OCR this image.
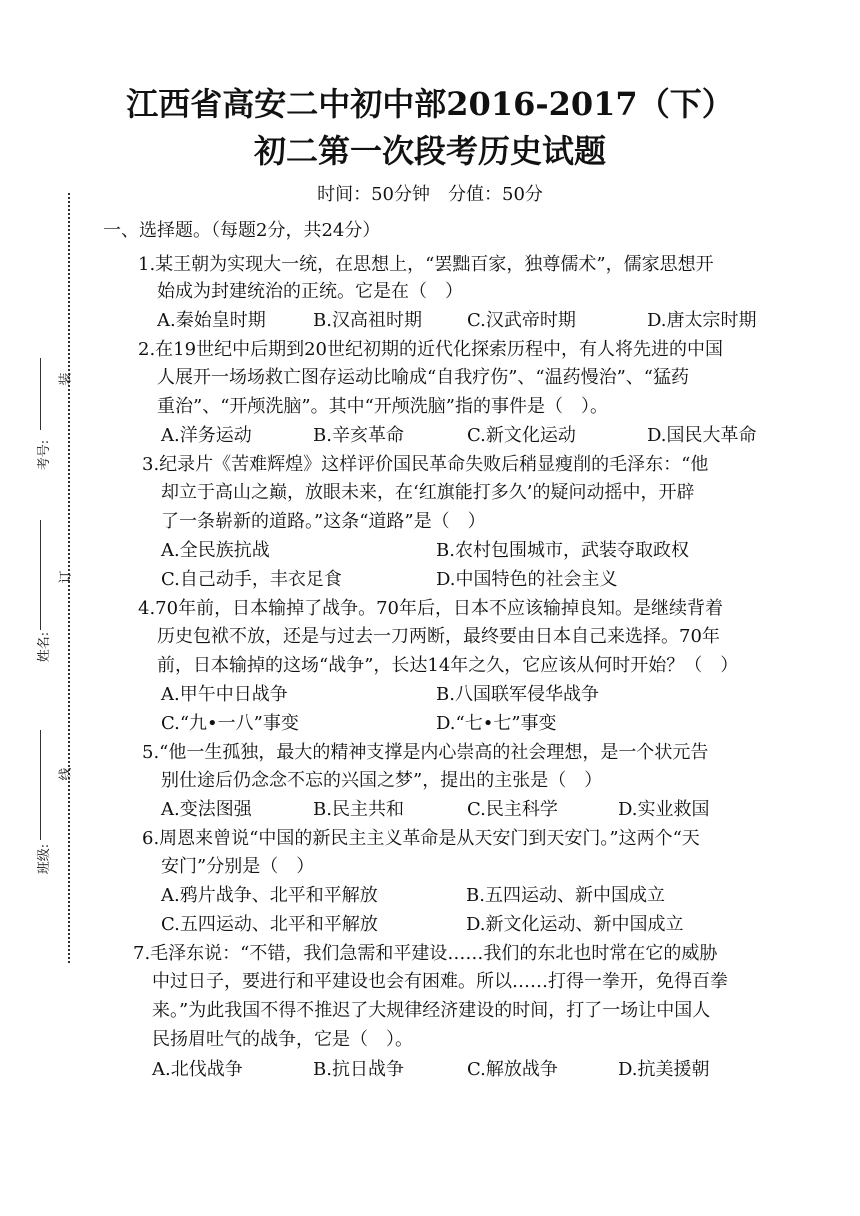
江西省高安二中初中部2016-2017（下）
初二第一次段考历史试题
时间：50分钟 分值：50分
一、选择题。（每题2分，共24分）
装
订
线
考号:
姓名:
班级:
1.某王朝为实现大一统，在思想上，“罢黜百家，独尊儒术”，儒家思想开
始成为封建统治的正统。它是在（　）
A.秦始皇时期	B.汉高祖时期	C.汉武帝时期	D.唐太宗时期
2.在19世纪中后期到20世纪初期的近代化探索历程中，有人将先进的中国
人展开一场场救亡图存运动比喻成“自我疗伤”、“温药慢治”、“猛药
重治”、“开颅洗脑”。其中“开颅洗脑”指的事件是（　）。
A.洋务运动	B.辛亥革命	C.新文化运动	D.国民大革命
3.纪录片《苦难辉煌》这样评价国民革命失败后稍显瘦削的毛泽东：“他
却立于高山之巅，放眼未来，在‘红旗能打多久’的疑问动摇中，开辟
了一条崭新的道路。”这条“道路”是（　）
A.全民族抗战	B.农村包围城市，武装夺取政权
C.自己动手，丰衣足食	D.中国特色的社会主义
4.70年前，日本输掉了战争。70年后，日本不应该输掉良知。是继续背着
历史包袱不放，还是与过去一刀两断，最终要由日本自己来选择。70年
前，日本输掉的这场“战争”，长达14年之久，它应该从何时开始？（　）
A.甲午中日战争	B.八国联军侵华战争
C.“九•一八”事变	D.“七•七”事变
5.“他一生孤独，最大的精神支撑是内心崇高的社会理想，是一个状元告
别仕途后仍念念不忘的兴国之梦”，提出的主张是（　）
A.变法图强	B.民主共和	C.民主科学	D.实业救国
6.周恩来曾说“中国的新民主主义革命是从天安门到天安门。”这两个“天
安门”分别是（　）
A.鸦片战争、北平和平解放	B.五四运动、新中国成立
C.五四运动、北平和平解放	D.新文化运动、新中国成立
7.毛泽东说：“不错，我们急需和平建设……我们的东北也时常在它的威胁
中过日子，要进行和平建设也会有困难。所以……打得一拳开，免得百拳
来。”为此我国不得不推迟了大规律经济建设的时间，打了一场让中国人
民扬眉吐气的战争，它是（　）。
A.北伐战争	B.抗日战争	C.解放战争	D.抗美援朝
